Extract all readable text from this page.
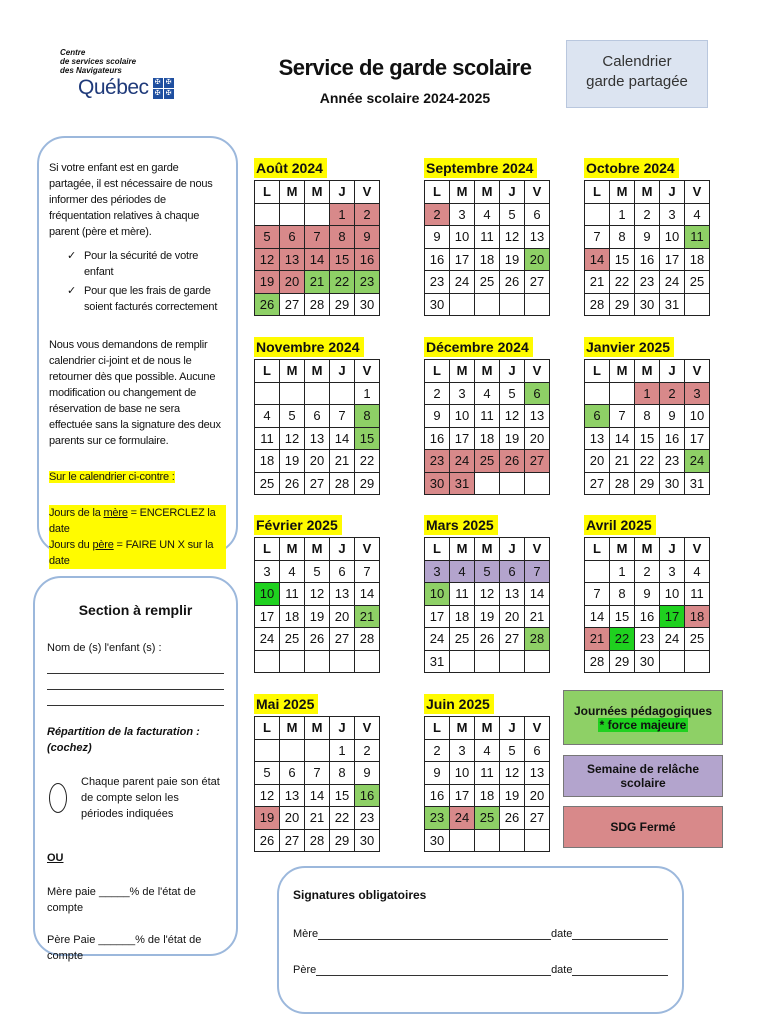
Centre
de services scolaire
des Navigateurs
Québec ✠ ✠
✠ ✠
Service de garde scolaire
Année scolaire 2024-2025
Calendrier
garde partagée

Si votre enfant est en garde partagée, il est nécessaire de nous informer des périodes de fréquentation relatives à chaque parent (père et mère).

✓ Pour la sécurité de votre enfant
✓ Pour que les frais de garde soient facturés correctement

Nous vous demandons de remplir calendrier ci-joint et de nous le retourner dès que possible. Aucune modification ou changement de réservation de base ne sera effectuée sans la signature des deux parents sur ce formulaire.

Sur le calendrier ci-contre :

Jours de la mère = ENCERCLEZ la date Jours du père = FAIRE UN X sur la date
Section à remplir
Nom de (s) l'enfant (s) :
Répartition de la facturation : (cochez)
Chaque parent paie son état de compte selon les périodes indiquées
OU
Mère paie _____% de l'état de compte
Père Paie ______% de l'état de compte
Août 2024
L	M	M	J	V
			1	2
5	6	7	8	9
12	13	14	15	16
19	20	21	22	23
26	27	28	29	30
Septembre 2024
L	M	M	J	V
2	3	4	5	6
9	10	11	12	13
16	17	18	19	20
23	24	25	26	27
30				
Octobre 2024
L	M	M	J	V
	1	2	3	4
7	8	9	10	11
14	15	16	17	18
21	22	23	24	25
28	29	30	31	
Novembre 2024
L	M	M	J	V
				1
4	5	6	7	8
11	12	13	14	15
18	19	20	21	22
25	26	27	28	29
Décembre 2024
L	M	M	J	V
2	3	4	5	6
9	10	11	12	13
16	17	18	19	20
23	24	25	26	27
30	31			
Janvier 2025
L	M	M	J	V
		1	2	3
6	7	8	9	10
13	14	15	16	17
20	21	22	23	24
27	28	29	30	31
Février 2025
L	M	M	J	V
3	4	5	6	7
10	11	12	13	14
17	18	19	20	21
24	25	26	27	28

Mars 2025
L	M	M	J	V
3	4	5	6	7
10	11	12	13	14
17	18	19	20	21
24	25	26	27	28
31				
Avril 2025
L	M	M	J	V
	1	2	3	4
7	8	9	10	11
14	15	16	17	18
21	22	23	24	25
28	29	30		
Mai 2025
L	M	M	J	V
			1	2
5	6	7	8	9
12	13	14	15	16
19	20	21	22	23
26	27	28	29	30
Juin 2025
L	M	M	J	V
2	3	4	5	6
9	10	11	12	13
16	17	18	19	20
23	24	25	26	27
30				
Journées pédagogiques
* force majeure
Semaine de relâche scolaire
SDG Fermé
Signatures obligatoires
Mère	date
Père	date
